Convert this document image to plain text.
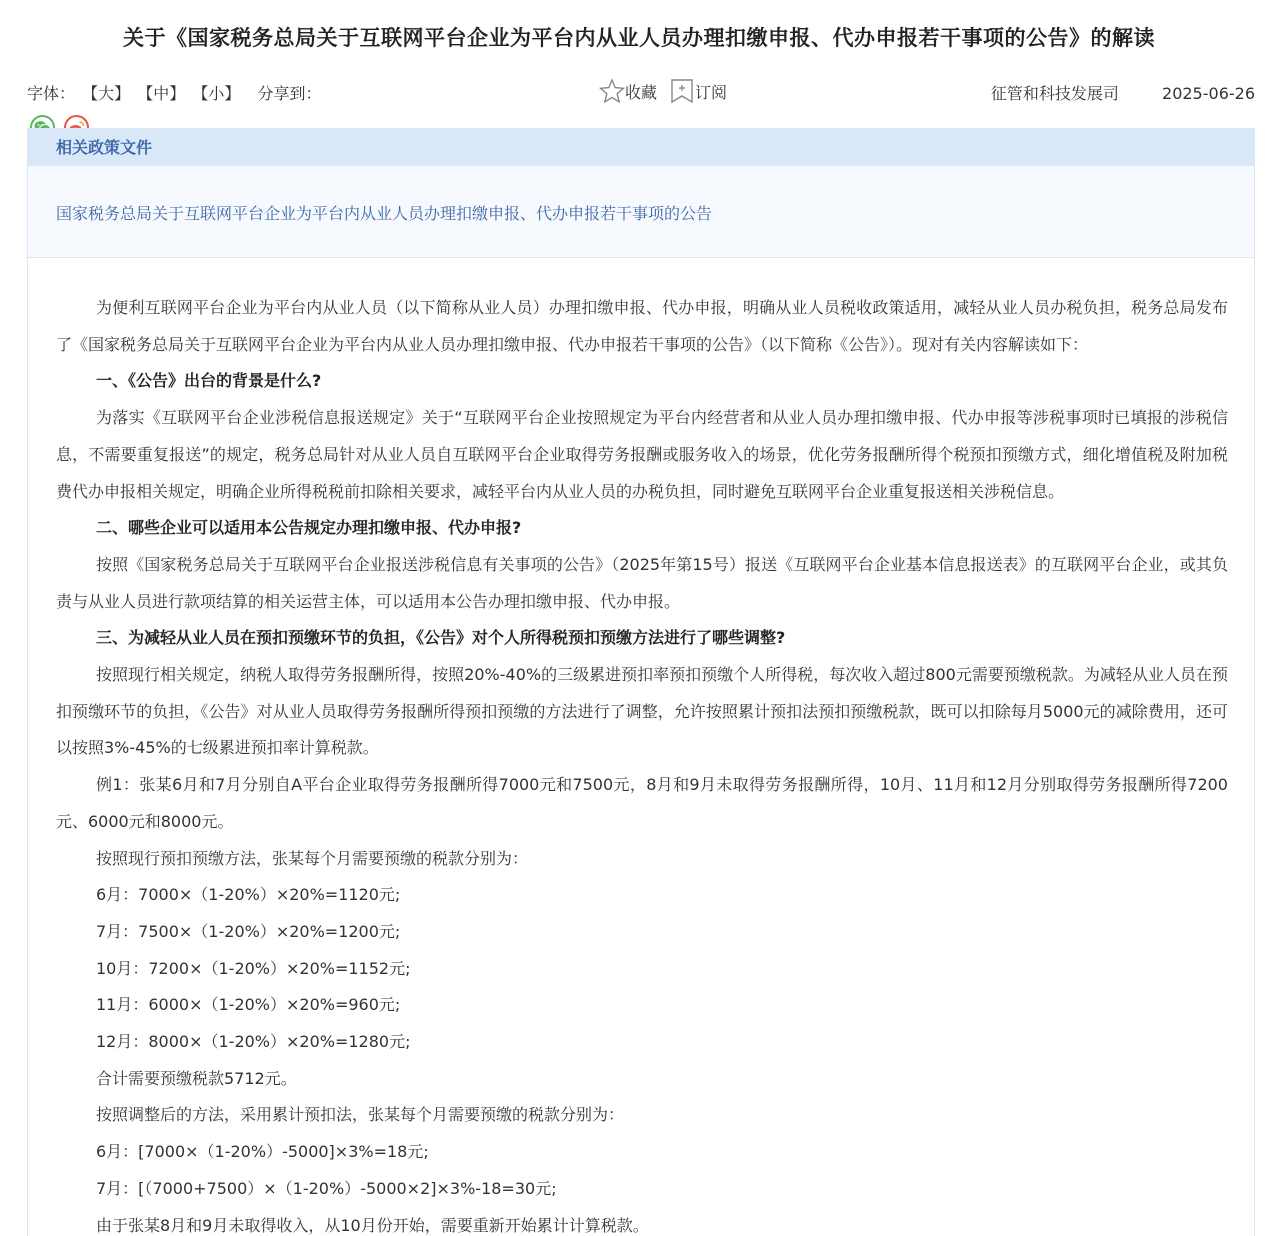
关于《国家税务总局关于互联网平台企业为平台内从业人员办理扣缴申报、代办申报若干事项的公告》的解读
字体： 【大】 【中】 【小】 分享到：	收藏 订阅	征管和科技发展司	2025-06-26
相关政策文件
国家税务总局关于互联网平台企业为平台内从业人员办理扣缴申报、代办申报若干事项的公告

为便利互联网平台企业为平台内从业人员（以下简称从业人员）办理扣缴申报、代办申报，明确从业人员税收政策适用，减轻从业人员办税负担，税务总局发布了《国家税务总局关于互联网平台企业为平台内从业人员办理扣缴申报、代办申报若干事项的公告》（以下简称《公告》）。现对有关内容解读如下：

一、《公告》出台的背景是什么?

为落实《互联网平台企业涉税信息报送规定》关于“互联网平台企业按照规定为平台内经营者和从业人员办理扣缴申报、代办申报等涉税事项时已填报的涉税信息，不需要重复报送”的规定，税务总局针对从业人员自互联网平台企业取得劳务报酬或服务收入的场景，优化劳务报酬所得个税预扣预缴方式，细化增值税及附加税费代办申报相关规定，明确企业所得税税前扣除相关要求，减轻平台内从业人员的办税负担，同时避免互联网平台企业重复报送相关涉税信息。

二、哪些企业可以适用本公告规定办理扣缴申报、代办申报?

按照《国家税务总局关于互联网平台企业报送涉税信息有关事项的公告》（2025年第15号）报送《互联网平台企业基本信息报送表》的互联网平台企业，或其负责与从业人员进行款项结算的相关运营主体，可以适用本公告办理扣缴申报、代办申报。

三、为减轻从业人员在预扣预缴环节的负担，《公告》对个人所得税预扣预缴方法进行了哪些调整?

按照现行相关规定，纳税人取得劳务报酬所得，按照20%-40%的三级累进预扣率预扣预缴个人所得税，每次收入超过800元需要预缴税款。为减轻从业人员在预扣预缴环节的负担，《公告》对从业人员取得劳务报酬所得预扣预缴的方法进行了调整，允许按照累计预扣法预扣预缴税款，既可以扣除每月5000元的减除费用，还可以按照3%-45%的七级累进预扣率计算税款。

例1：张某6月和7月分别自A平台企业取得劳务报酬所得7000元和7500元，8月和9月未取得劳务报酬所得，10月、11月和12月分别取得劳务报酬所得7200元、6000元和8000元。

按照现行预扣预缴方法，张某每个月需要预缴的税款分别为：

6月：7000×（1-20%）×20%=1120元;

7月：7500×（1-20%）×20%=1200元;

10月：7200×（1-20%）×20%=1152元;

11月：6000×（1-20%）×20%=960元;

12月：8000×（1-20%）×20%=1280元;

合计需要预缴税款5712元。

按照调整后的方法，采用累计预扣法，张某每个月需要预缴的税款分别为：

6月：[7000×（1-20%）-5000]×3%=18元;

7月：[（7000+7500）×（1-20%）-5000×2]×3%-18=30元;

由于张某8月和9月未取得收入，从10月份开始，需要重新开始累计计算税款。
